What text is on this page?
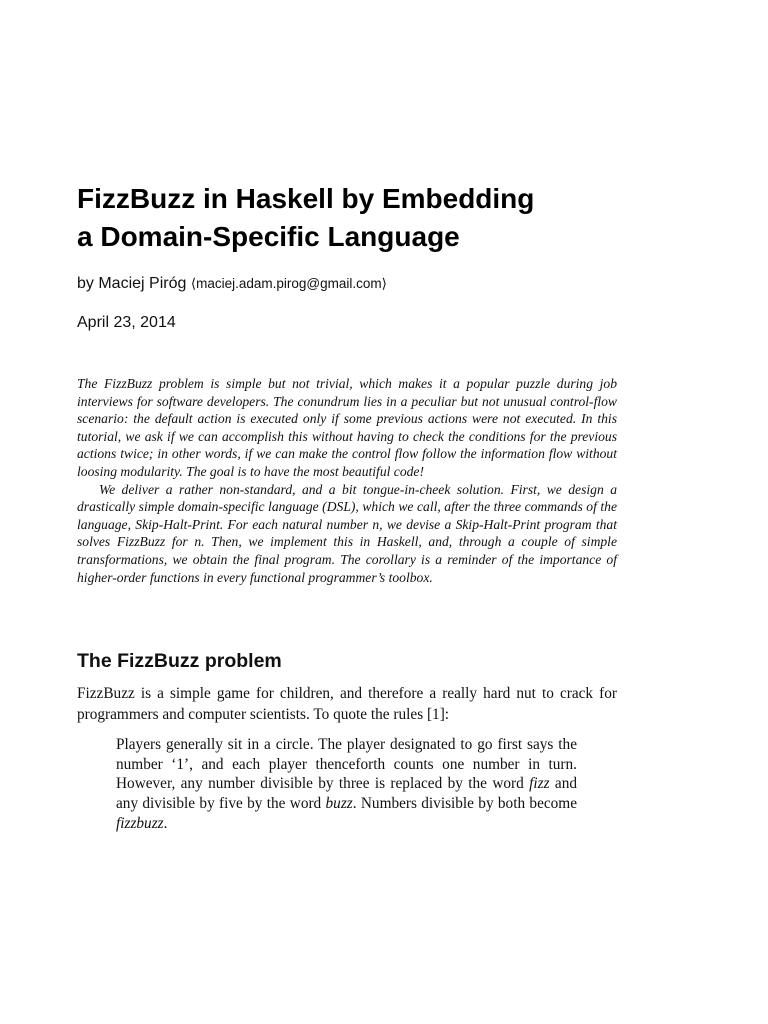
FizzBuzz in Haskell by Embedding
a Domain-Specific Language
by Maciej Piróg ⟨maciej.adam.pirog@gmail.com⟩
April 23, 2014

The FizzBuzz problem is simple but not trivial, which makes it a popular puzzle during job interviews for software developers. The conundrum lies in a peculiar but not unusual control-flow scenario: the default action is executed only if some previous actions were not executed. In this tutorial, we ask if we can accomplish this without having to check the conditions for the previous actions twice; in other words, if we can make the control flow follow the information flow without loosing modularity. The goal is to have the most beautiful code!

We deliver a rather non-standard, and a bit tongue-in-cheek solution. First, we design a drastically simple domain-specific language (DSL), which we call, after the three commands of the language, Skip-Halt-Print. For each natural number n, we devise a Skip-Halt-Print program that solves FizzBuzz for n. Then, we implement this in Haskell, and, through a couple of simple transformations, we obtain the final program. The corollary is a reminder of the importance of higher-order functions in every functional programmer’s toolbox.

The FizzBuzz problem

FizzBuzz is a simple game for children, and therefore a really hard nut to crack for programmers and computer scientists. To quote the rules [1]:

Players generally sit in a circle. The player designated to go first says the number ‘1’, and each player thenceforth counts one number in turn. However, any number divisible by three is replaced by the word fizz and any divisible by five by the word buzz. Numbers divisible by both become fizzbuzz.
